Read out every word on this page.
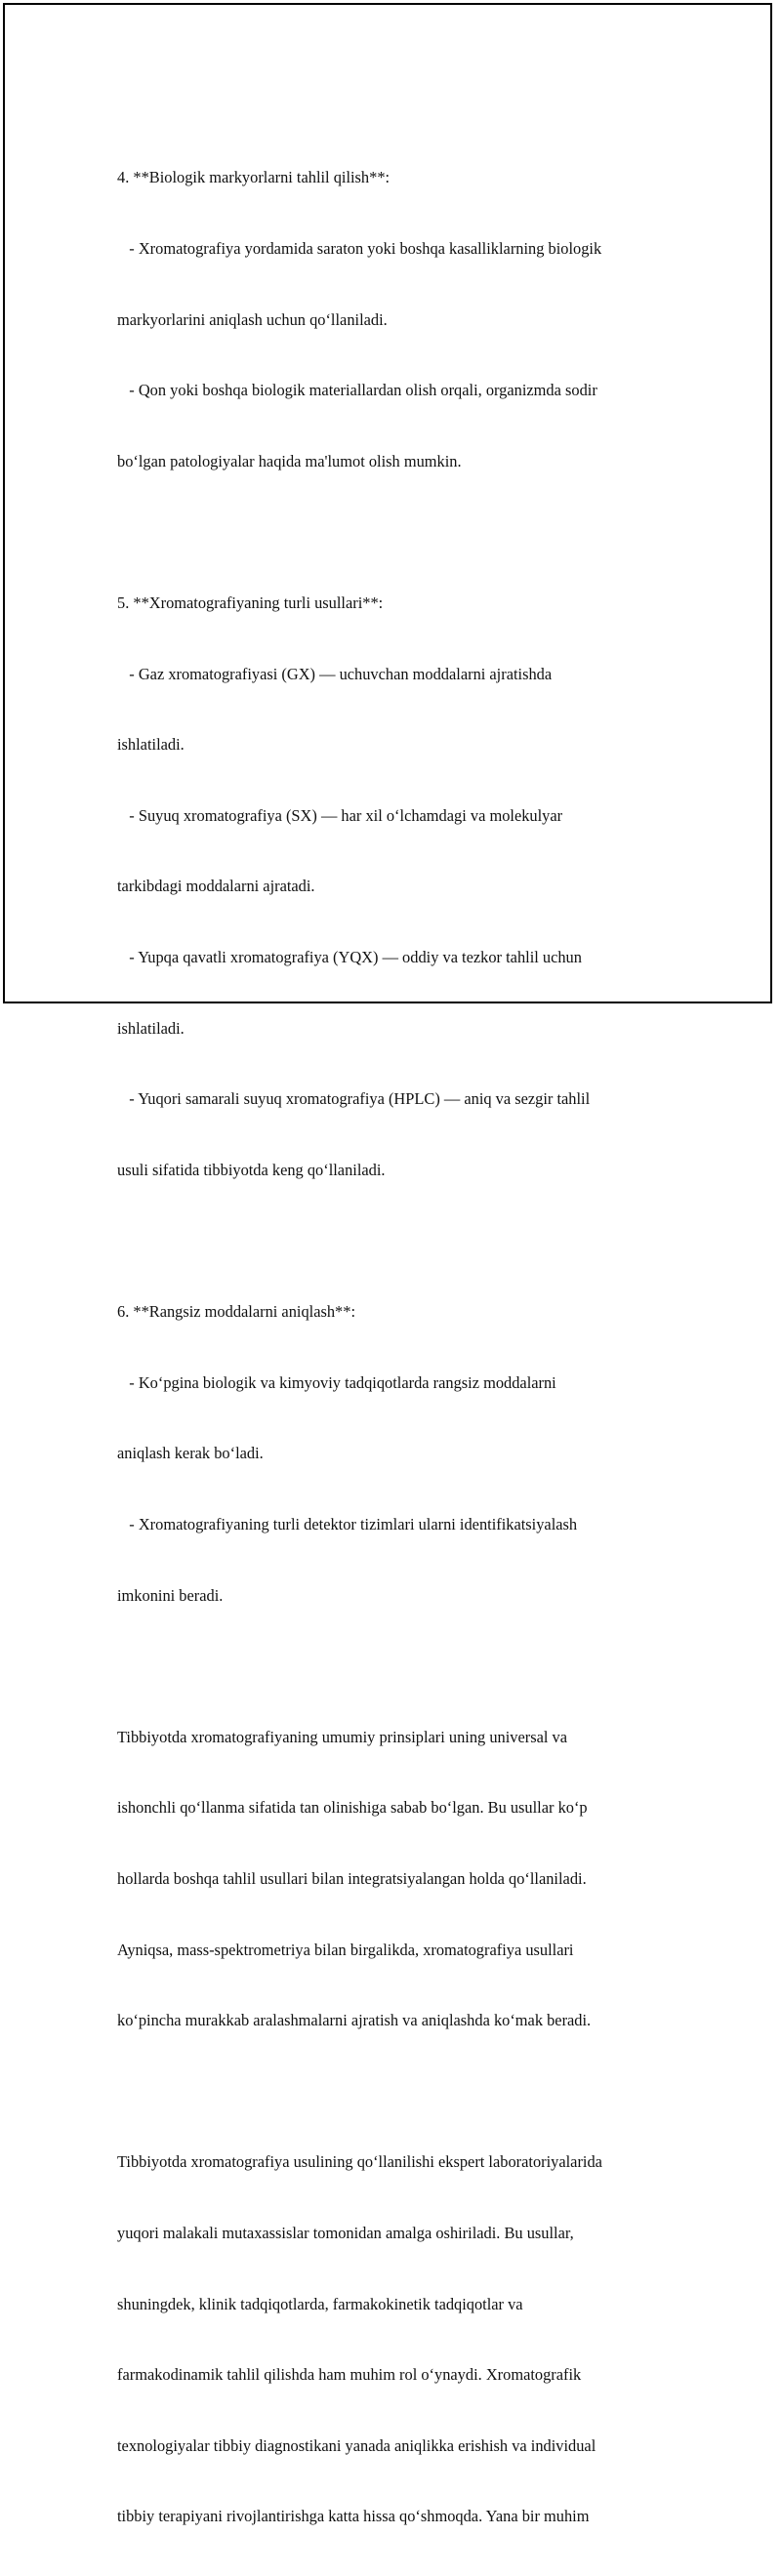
4. **Biologik markyorlarni tahlil qilish**:

- Xromatografiya yordamida saraton yoki boshqa kasalliklarning biologik

markyorlarini aniqlash uchun qo‘llaniladi.

- Qon yoki boshqa biologik materiallardan olish orqali, organizmda sodir

bo‘lgan patologiyalar haqida ma'lumot olish mumkin.

5. **Xromatografiyaning turli usullari**:

- Gaz xromatografiyasi (GX) — uchuvchan moddalarni ajratishda

ishlatiladi.

- Suyuq xromatografiya (SX) — har xil o‘lchamdagi va molekulyar

tarkibdagi moddalarni ajratadi.

- Yupqa qavatli xromatografiya (YQX) — oddiy va tezkor tahlil uchun

ishlatiladi.

- Yuqori samarali suyuq xromatografiya (HPLC) — aniq va sezgir tahlil

usuli sifatida tibbiyotda keng qo‘llaniladi.

6. **Rangsiz moddalarni aniqlash**:

- Ko‘pgina biologik va kimyoviy tadqiqotlarda rangsiz moddalarni

aniqlash kerak bo‘ladi.

- Xromatografiyaning turli detektor tizimlari ularni identifikatsiyalash

imkonini beradi.

Tibbiyotda xromatografiyaning umumiy prinsiplari uning universal va

ishonchli qo‘llanma sifatida tan olinishiga sabab bo‘lgan. Bu usullar ko‘p

hollarda boshqa tahlil usullari bilan integratsiyalangan holda qo‘llaniladi.

Ayniqsa, mass-spektrometriya bilan birgalikda, xromatografiya usullari

ko‘pincha murakkab aralashmalarni ajratish va aniqlashda ko‘mak beradi.

Tibbiyotda xromatografiya usulining qo‘llanilishi ekspert laboratoriyalarida

yuqori malakali mutaxassislar tomonidan amalga oshiriladi. Bu usullar,

shuningdek, klinik tadqiqotlarda, farmakokinetik tadqiqotlar va

farmakodinamik tahlil qilishda ham muhim rol o‘ynaydi. Xromatografik

texnologiyalar tibbiy diagnostikani yanada aniqlikka erishish va individual

tibbiy terapiyani rivojlantirishga katta hissa qo‘shmoqda. Yana bir muhim
